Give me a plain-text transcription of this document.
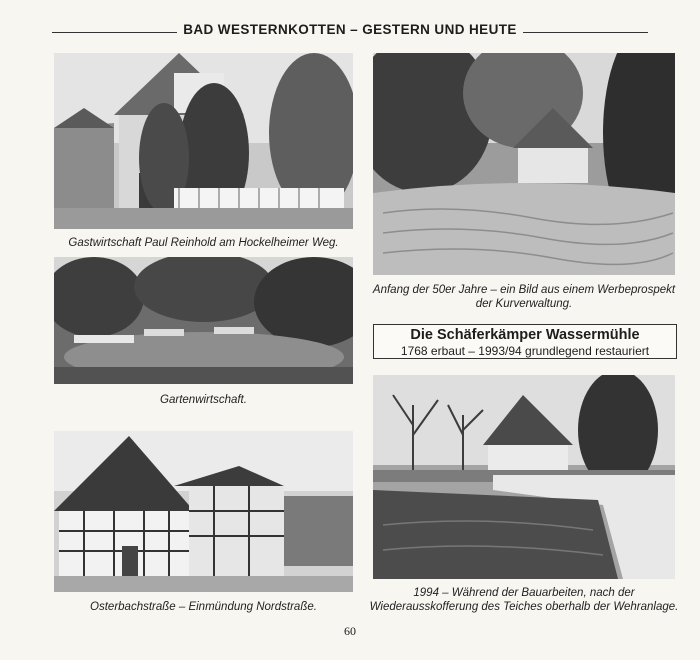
BAD WESTERNKOTTEN – GESTERN UND HEUTE
Gastwirtschaft Paul Reinhold am Hockelheimer Weg.
Gartenwirtschaft.
Osterbachstraße – Einmündung Nordstraße.
Anfang der 50er Jahre – ein Bild aus einem Werbeprospekt der Kurverwaltung.
Die Schäferkämper Wassermühle
1768 erbaut – 1993/94 grundlegend restauriert
1994 – Während der Bauarbeiten, nach der Wiederausskofferung des Teiches oberhalb der Wehranlage.
60
